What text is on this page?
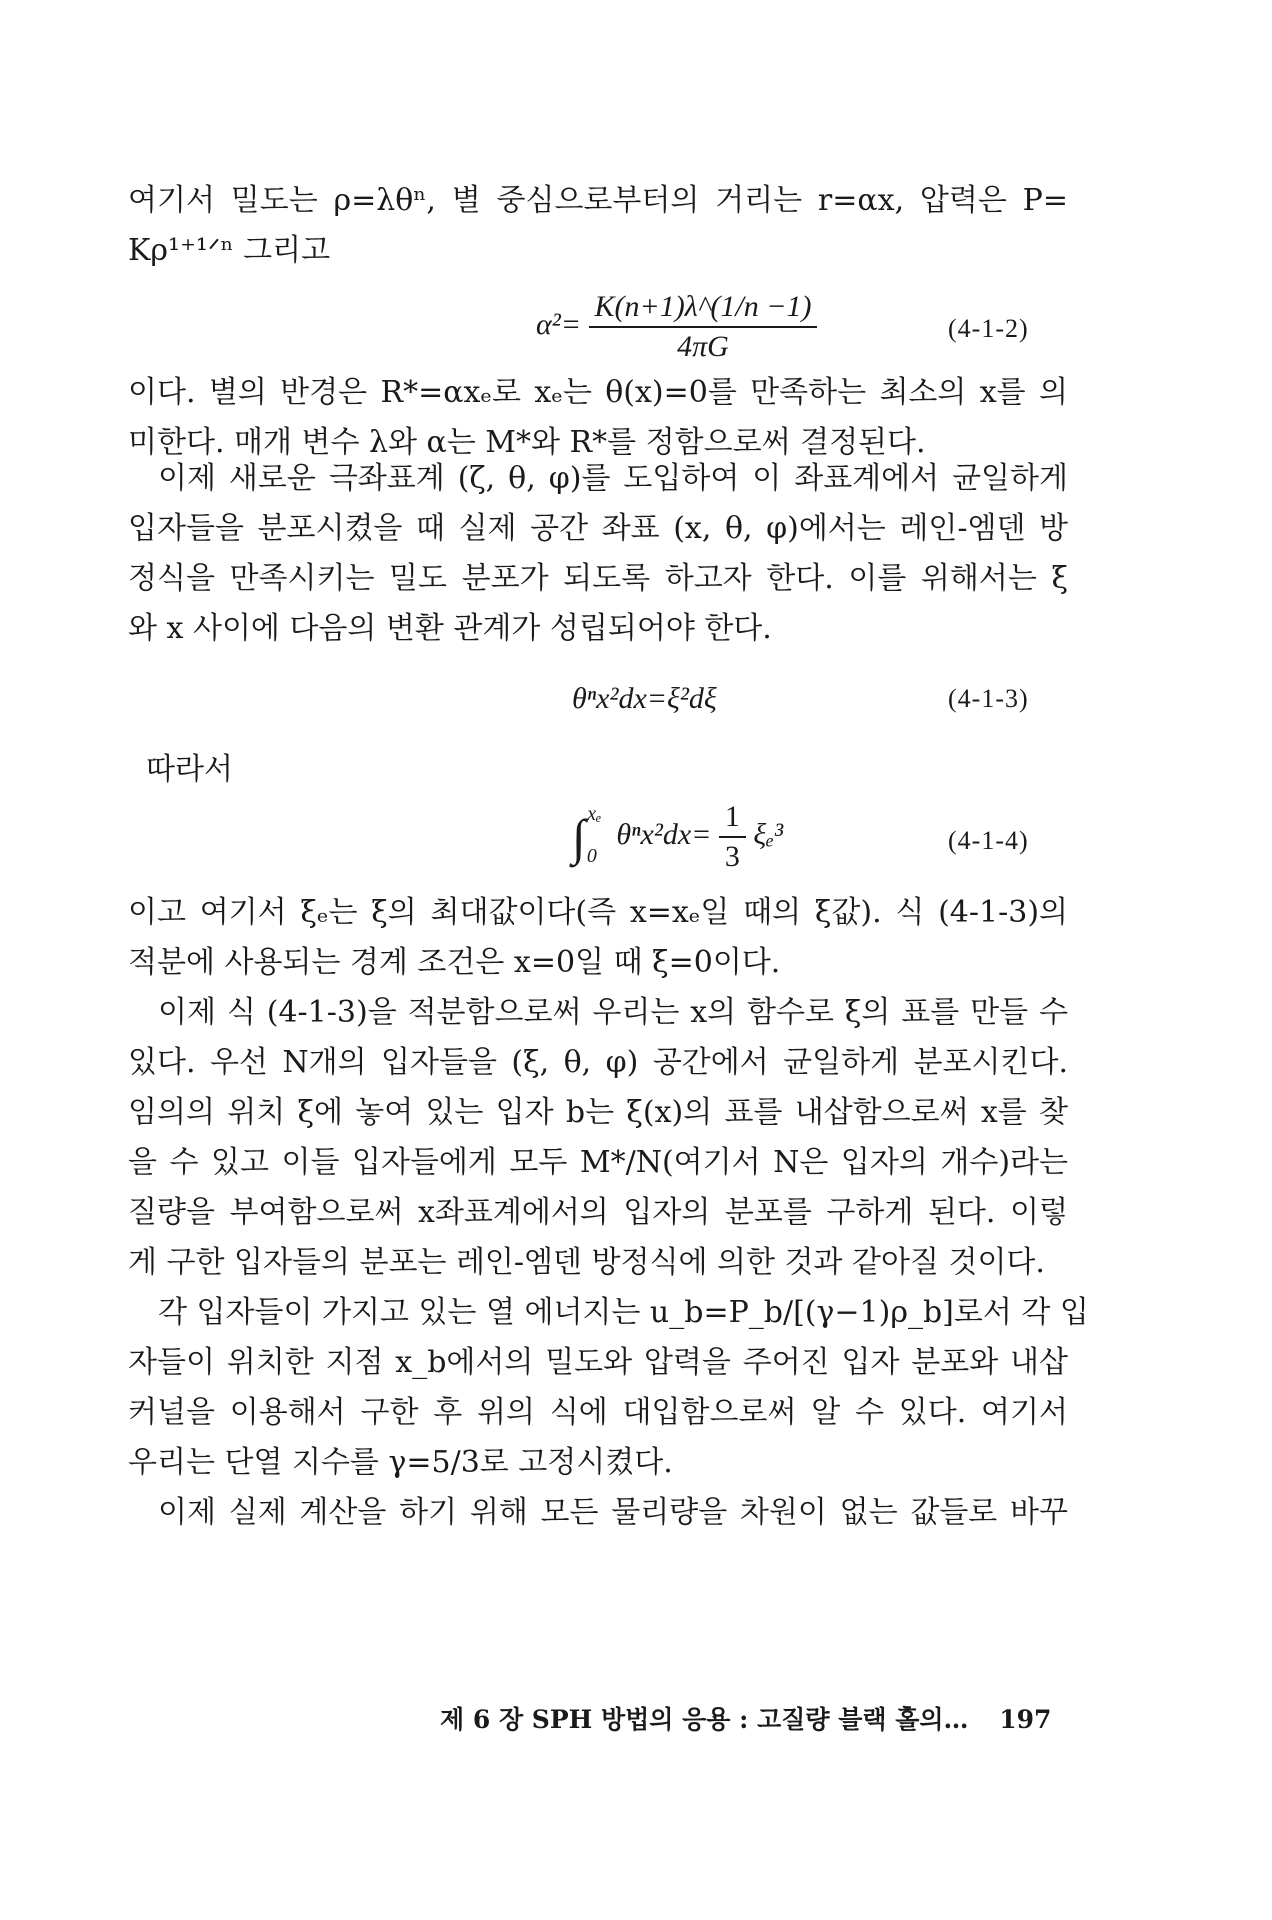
여기서 밀도는 ρ=λθⁿ, 별 중심으로부터의 거리는 r=αx, 압력은 P=
Kρ¹⁺¹ᐟⁿ 그리고
$\alpha^2= \frac{K(n+1)\lambda\^{}(1/n -1)}{4\pi G}$	(4-1-2)
이다. 별의 반경은 R*=αxₑ로 xₑ는 θ(x)=0를 만족하는 최소의 x를 의
미한다. 매개 변수 λ와 α는 M*와 R*를 정함으로써 결정된다.
이제 새로운 극좌표계 (ζ, θ, φ)를 도입하여 이 좌표계에서 균일하게
입자들을 분포시켰을 때 실제 공간 좌표 (x, θ, φ)에서는 레인-엠덴 방
정식을 만족시키는 밀도 분포가 되도록 하고자 한다. 이를 위해서는 ξ
와 x 사이에 다음의 변환 관계가 성립되어야 한다.
θⁿx²dx=ξ²dξ	(4-1-3)
따라서
∫ $^{x_e}$ $_0$ $\theta^nx^2dx= \frac{1}{3} \xi_e^3$	(4-1-4)
이고 여기서 ξₑ는 ξ의 최대값이다(즉 x=xₑ일 때의 ξ값). 식 (4-1-3)의
적분에 사용되는 경계 조건은 x=0일 때 ξ=0이다.
이제 식 (4-1-3)을 적분함으로써 우리는 x의 함수로 ξ의 표를 만들 수
있다. 우선 N개의 입자들을 (ξ, θ, φ) 공간에서 균일하게 분포시킨다.
임의의 위치 ξ에 놓여 있는 입자 b는 ξ(x)의 표를 내삽함으로써 x를 찾
을 수 있고 이들 입자들에게 모두 M*/N(여기서 N은 입자의 개수)라는
질량을 부여함으로써 x좌표계에서의 입자의 분포를 구하게 된다. 이렇
게 구한 입자들의 분포는 레인-엠덴 방정식에 의한 것과 같아질 것이다.
각 입자들이 가지고 있는 열 에너지는 u_b=P_b/[(γ−1)ρ_b]로서 각 입
자들이 위치한 지점 x_b에서의 밀도와 압력을 주어진 입자 분포와 내삽
커널을 이용해서 구한 후 위의 식에 대입함으로써 알 수 있다. 여기서
우리는 단열 지수를 γ=5/3로 고정시켰다.
이제 실제 계산을 하기 위해 모든 물리량을 차원이 없는 값들로 바꾸
제 6 장 SPH 방법의 응용 : 고질량 블랙 홀의… 197
